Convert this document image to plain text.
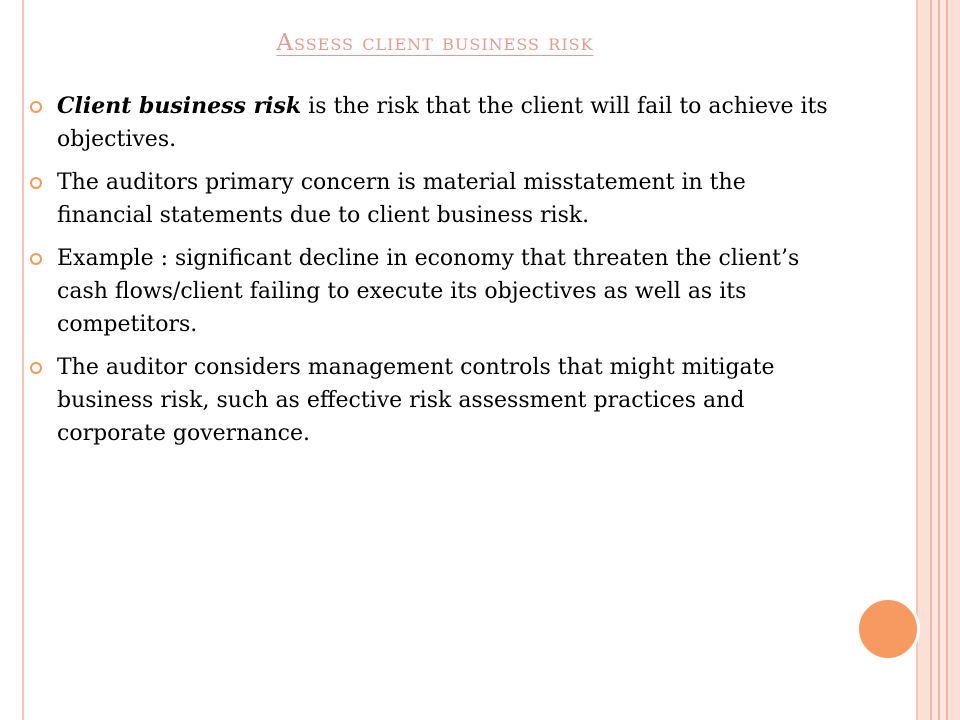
Assess client business risk
Client business risk is the risk that the client will fail to achieve its objectives.
The auditors primary concern is material misstatement in the financial statements due to client business risk.
Example : significant decline in economy that threaten the client’s cash flows/client failing to execute its objectives as well as its competitors.
The auditor considers management controls that might mitigate business risk, such as effective risk assessment practices and corporate governance.
